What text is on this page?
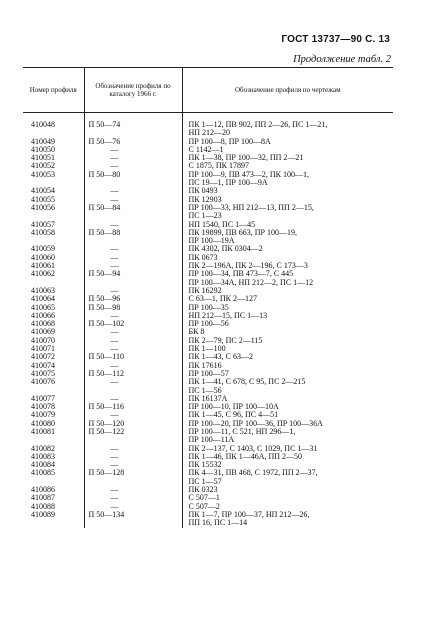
ГОСТ 13737—90 С. 13
Продолжение табл. 2
Номер профиля	Обозначение профиля по каталогу 1966 г.	Обозначение профиля по чертежам

410048	П 50—74	ПК 1—12, ПВ 902, ПП 2—26, ПС 1—21,
		НП 212—20
410049	П 50—76	ПР 100—8, ПР 100—8А
410050	—	С 1142—1
410051	—	ПК 1—38, ПР 100—32, ПП 2—21
410052	—	С 1875, ПК 17897
410053	П 50—80	ПР 100—9, ПВ 473—2, ПК 100—1,
		ПС 19—1, ПР 100—9А
410054	—	ПК 0493
410055	—	ПК 12903
410056	П 50—84	ПР 100—33, НП 212—13, ПП 2—15,
		ПС 1—23
410057	—	НП 1540, ПС 1—45
410058	П 50—88	ПК 19899, ПВ 663, ПР 100—19,
		ПР 100—19А
410059	—	ПК 4302, ПК 0304—2
410060	—	ПК 0673
410061	—	ПК 2—196А, ПК 2—196, С 173—3
410062	П 50—94	ПР 100—34, ПВ 473—7, С 445
		ПР 100—34А, НП 212—2, ПС 1—12
410063	—	ПК 16292
410064	П 50—96	С 63—1, ПК 2—127
410065	П 50—98	ПР 100—35
410066	—	НП 212—15, ПС 1—13
410068	П 50—102	ПР 100—56
410069	—	БК 8
410070	—	ПК 2—79, ПС 2—115
410071	—	ПК 1—100
410072	П 50—110	ПК 1—43, С 63—2
410074	—	ПК 17616
410075	П 50—112	ПР 100—57
410076	—	ПК 1—41, С 678, С 95, ПС 2—215
		ПС 1—56
410077	—	ПК 16137А
410078	П 50—116	ПР 100—10, ПР 100—10А
410079	—	ПК 1—45, С 96, ПС 4—51
410080	П 50—120	ПР 100—20, ПР 100—36, ПР 100—36А
410081	П 50—122	ПР 100—11, С 521, НП 296—1,
		ПР 100—11А
410082	—	ПК 2—137, С 1403, С 1029, ПС 1—31
410083	—	ПК 1—46, ПК 1—46А, ПП 2—50
410084	—	ПК 15532
410085	П 50—128	ПК 4—31, ПВ 468, С 1972, ПП 2—37,
		ПС 1—57
410086	—	ПК 0323
410087	—	С 507—1
410088	—	С 507—2
410089	П 50—134	ПК 1—7, ПР 100—37, НП 212—26,
		ПП 16, ПС 1—14
